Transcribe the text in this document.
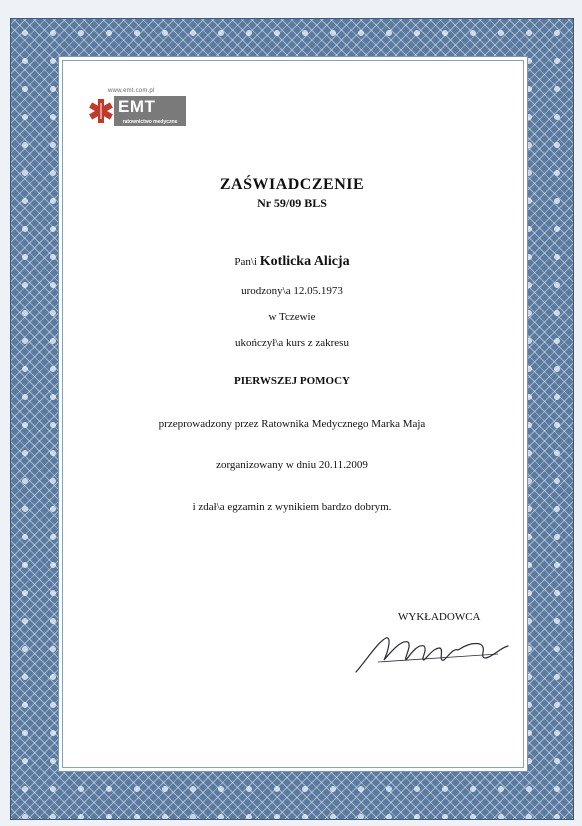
www.emt.com.pl
EMT
ratownictwo medyczne
ZAŚWIADCZENIE
Nr 59/09 BLS
Pan\i Kotlicka Alicja
urodzony\a 12.05.1973
w Tczewie
ukończył\a kurs z zakresu
PIERWSZEJ POMOCY
przeprowadzony przez Ratownika Medycznego Marka Maja
zorganizowany w dniu 20.11.2009
i zdał\a egzamin z wynikiem bardzo dobrym.
WYKŁADOWCA
